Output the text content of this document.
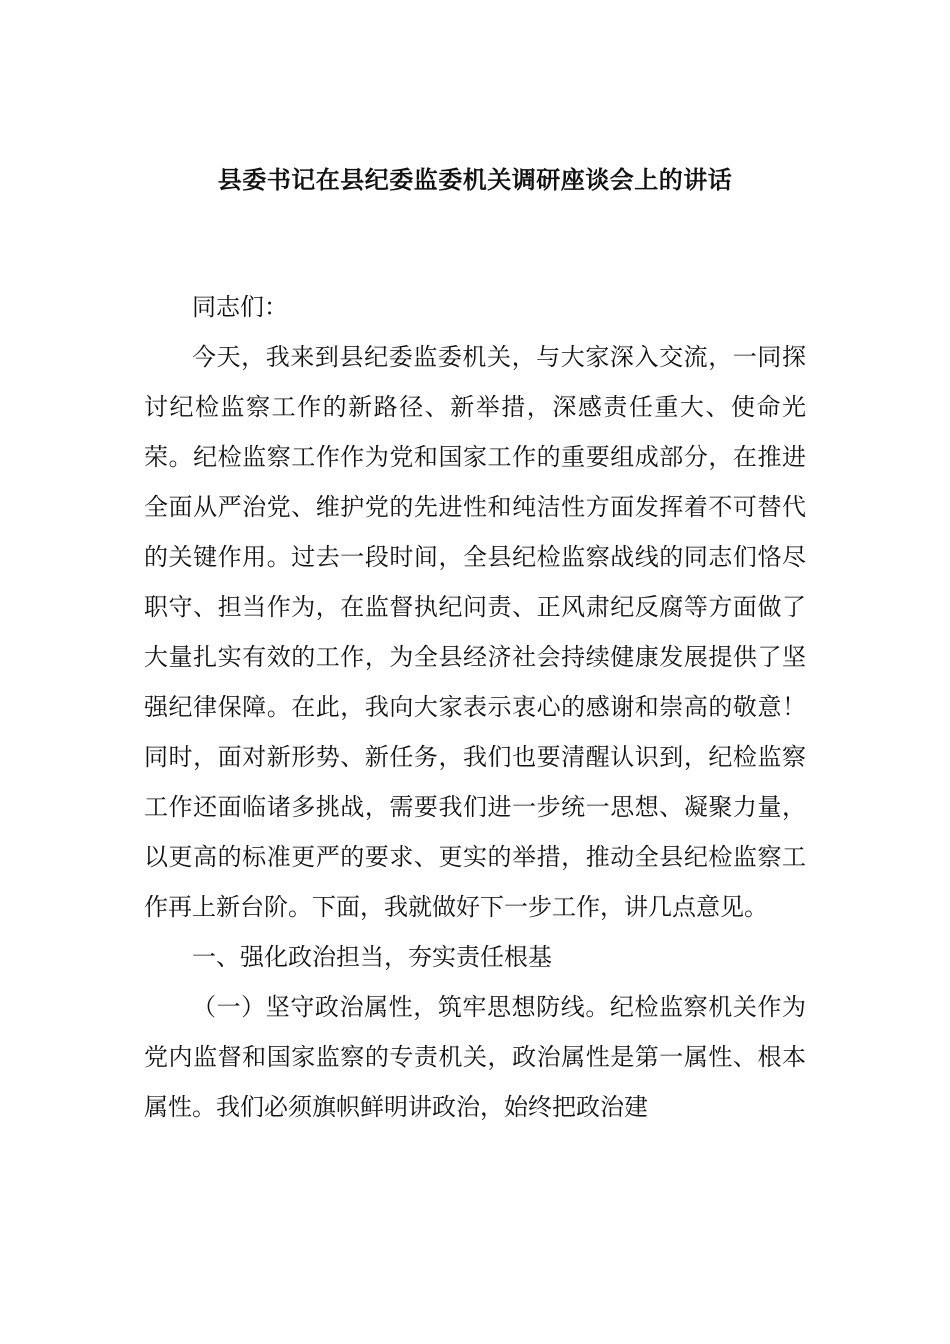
县委书记在县纪委监委机关调研座谈会上的讲话

同志们：

今天，我来到县纪委监委机关，与大家深入交流，一同探讨纪检监察工作的新路径、新举措，深感责任重大、使命光荣。纪检监察工作作为党和国家工作的重要组成部分，在推进全面从严治党、维护党的先进性和纯洁性方面发挥着不可替代的关键作用。过去一段时间，全县纪检监察战线的同志们恪尽职守、担当作为，在监督执纪问责、正风肃纪反腐等方面做了大量扎实有效的工作，为全县经济社会持续健康发展提供了坚强纪律保障。在此，我向大家表示衷心的感谢和崇高的敬意！同时，面对新形势、新任务，我们也要清醒认识到，纪检监察工作还面临诸多挑战，需要我们进一步统一思想、凝聚力量，以更高的标准更严的要求、更实的举措，推动全县纪检监察工作再上新台阶。下面，我就做好下一步工作，讲几点意见。

一、强化政治担当，夯实责任根基

（一）坚守政治属性，筑牢思想防线。纪检监察机关作为党内监督和国家监察的专责机关，政治属性是第一属性、根本属性。我们必须旗帜鲜明讲政治，始终把政治建
